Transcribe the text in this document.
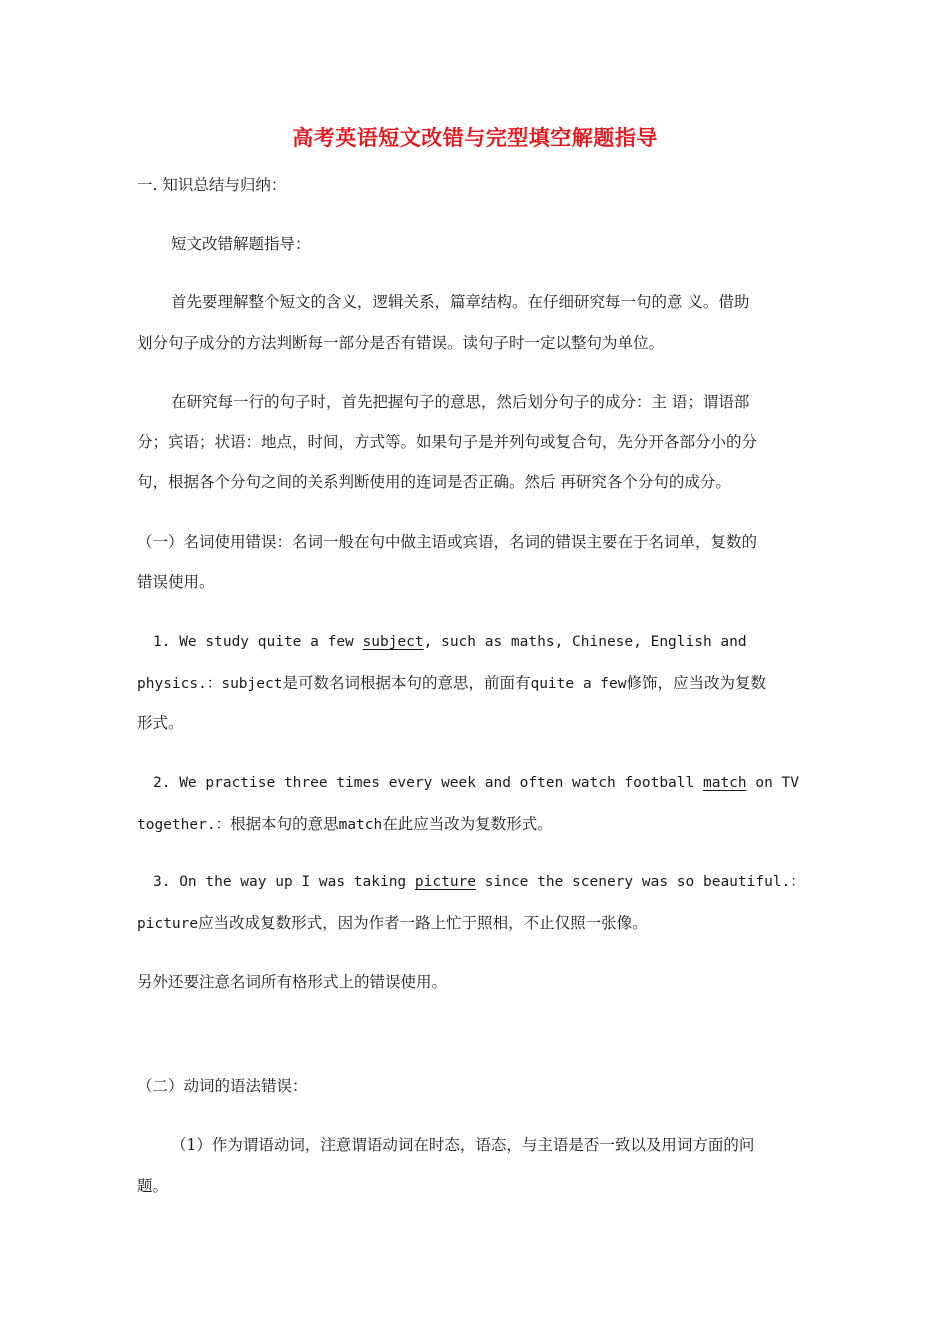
高考英语短文改错与完型填空解题指导
一. 知识总结与归纳：
短文改错解题指导：
首先要理解整个短文的含义，逻辑关系，篇章结构。在仔细研究每一句的意 义。借助
划分句子成分的方法判断每一部分是否有错误。读句子时一定以整句为单位。
在研究每一行的句子时，首先把握句子的意思，然后划分句子的成分：主 语；谓语部
分；宾语；状语：地点，时间，方式等。如果句子是并列句或复合句，先分开各部分小的分
句，根据各个分句之间的关系判断使用的连词是否正确。然后 再研究各个分句的成分。
（一）名词使用错误：名词一般在句中做主语或宾语，名词的错误主要在于名词单，复数的
错误使用。
1. We study quite a few subject, such as maths, Chinese, English and
physics.：subject是可数名词根据本句的意思，前面有quite a few修饰，应当改为复数
形式。
2. We practise three times every week and often watch football match on TV
together.：根据本句的意思match在此应当改为复数形式。
3. On the way up I was taking picture since the scenery was so beautiful.：
picture应当改成复数形式，因为作者一路上忙于照相，不止仅照一张像。
另外还要注意名词所有格形式上的错误使用。
（二）动词的语法错误：
（1）作为谓语动词，注意谓语动词在时态，语态，与主语是否一致以及用词方面的问
题。
